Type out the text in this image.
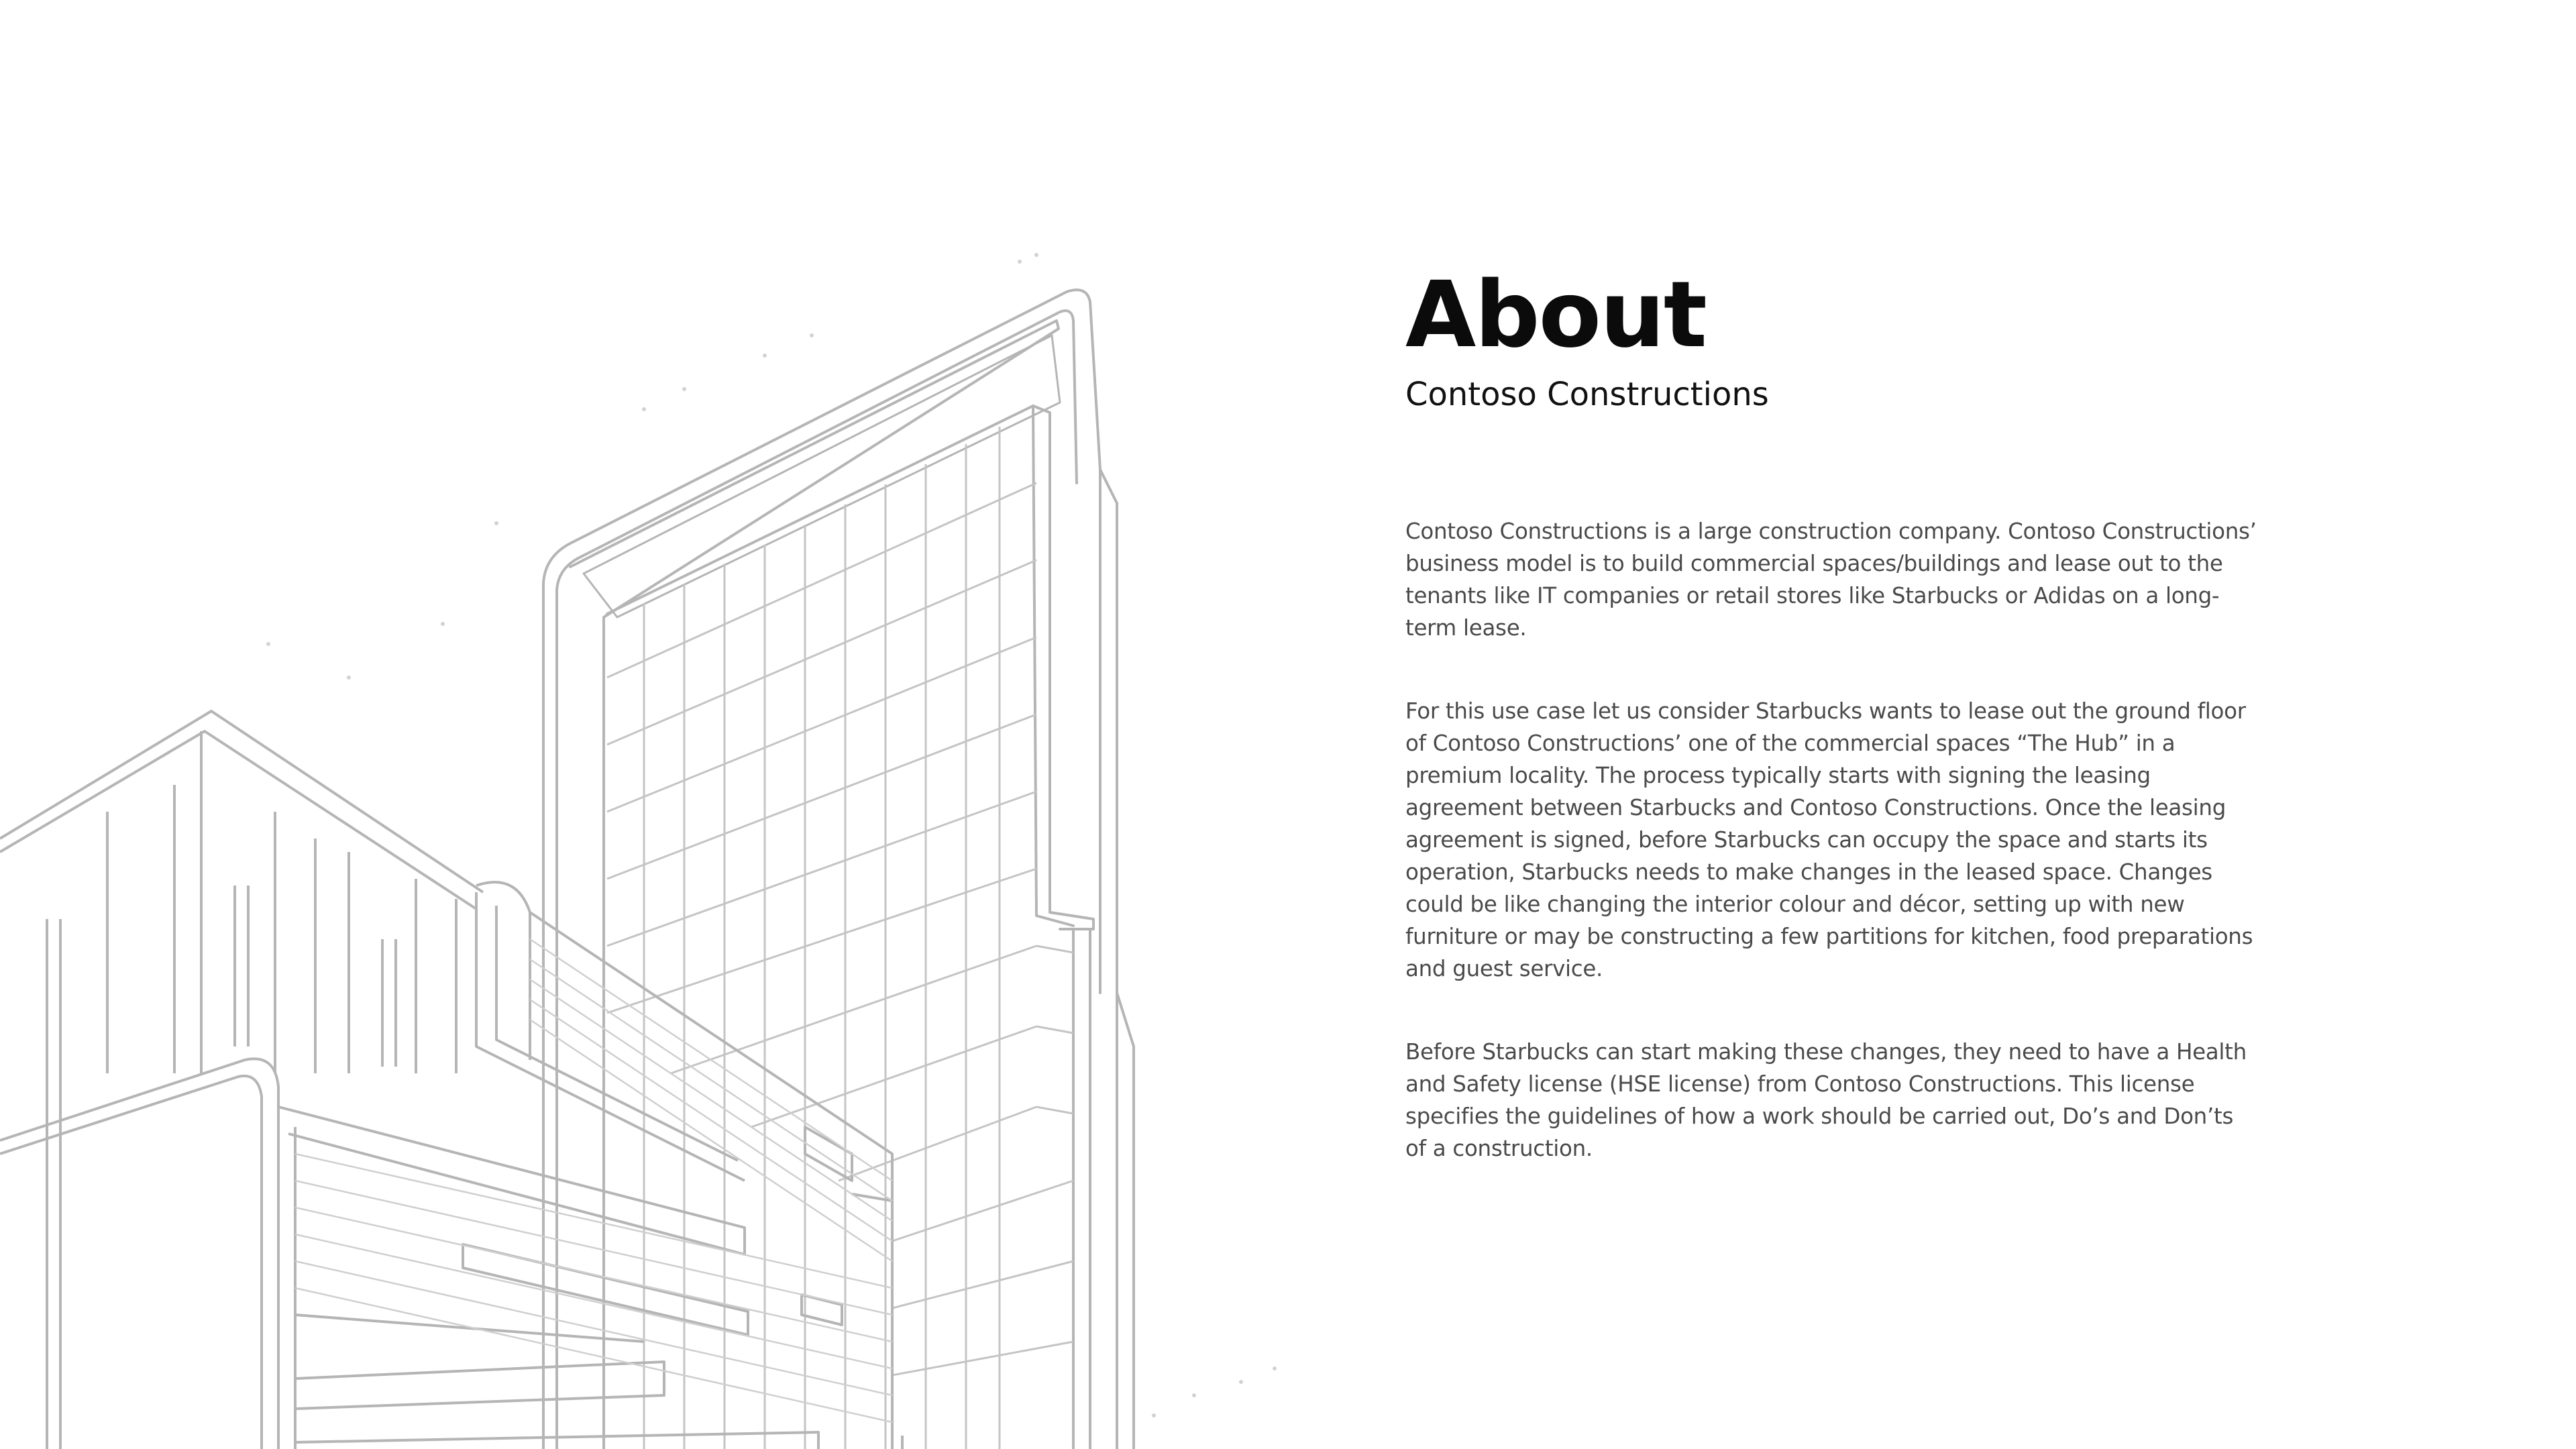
About
Contoso Constructions

Contoso Constructions is a large construction company. Contoso Constructions’ business model is to build commercial spaces/buildings and lease out to the tenants like IT companies or retail stores like Starbucks or Adidas on a long-term lease.

For this use case let us consider Starbucks wants to lease out the ground floor of Contoso Constructions’ one of the commercial spaces “The Hub” in a premium locality. The process typically starts with signing the leasing agreement between Starbucks and Contoso Constructions. Once the leasing agreement is signed, before Starbucks can occupy the space and starts its operation, Starbucks needs to make changes in the leased space. Changes could be like changing the interior colour and décor, setting up with new furniture or may be constructing a few partitions for kitchen, food preparations and guest service.

Before Starbucks can start making these changes, they need to have a Health and Safety license (HSE license) from Contoso Constructions. This license specifies the guidelines of how a work should be carried out, Do’s and Don’ts of a construction.
